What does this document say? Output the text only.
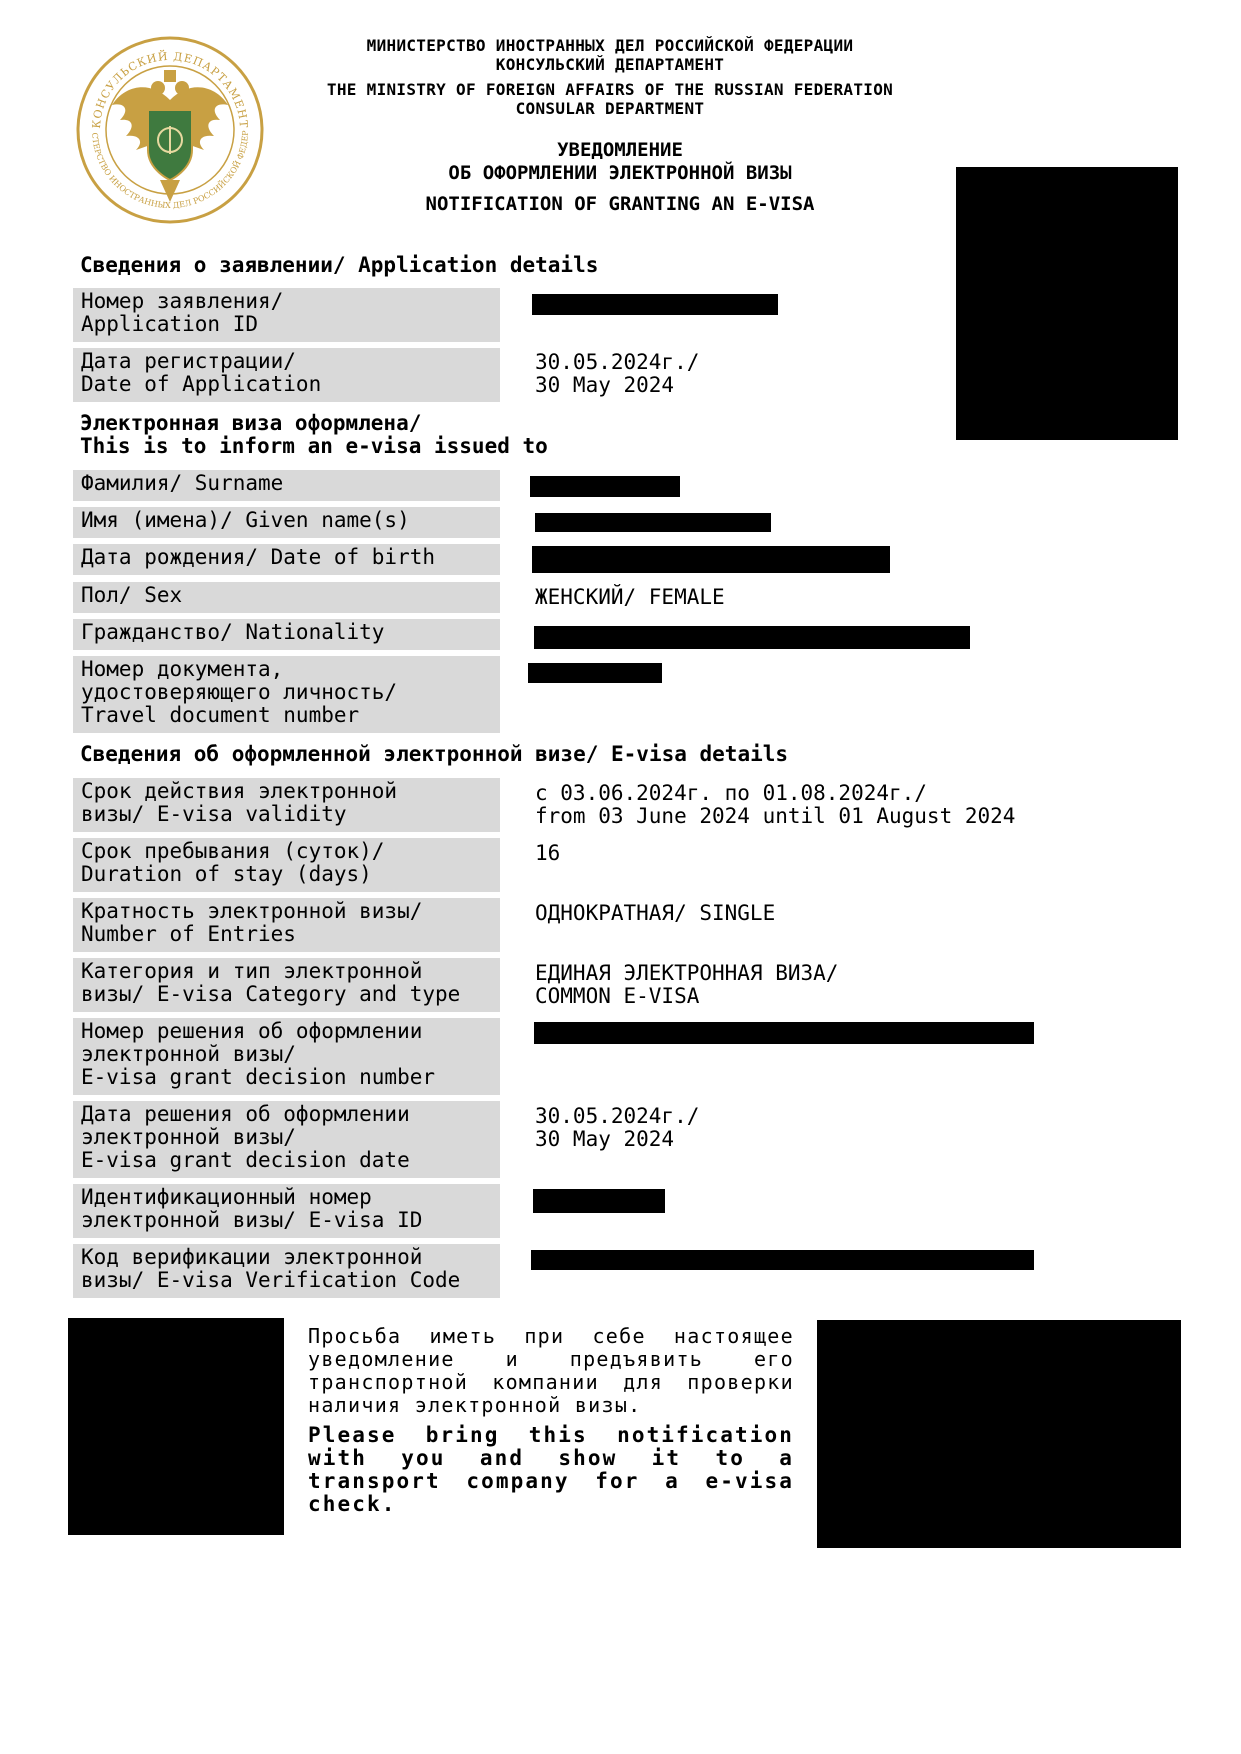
КОНСУЛЬСКИЙ ДЕПАРТАМЕНТ
СТЕРСТВО ИНОСТРАННЫХ ДЕЛ РОССИЙСКОЙ ФЕДЕР
МИНИСТЕРСТВО ИНОСТРАННЫХ ДЕЛ РОССИЙСКОЙ ФЕДЕРАЦИИ
КОНСУЛЬСКИЙ ДЕПАРТАМЕНТ
THE MINISTRY OF FOREIGN AFFAIRS OF THE RUSSIAN FEDERATION
CONSULAR DEPARTMENT
УВЕДОМЛЕНИЕ
ОБ ОФОРМЛЕНИИ ЭЛЕКТРОННОЙ ВИЗЫ
NOTIFICATION OF GRANTING AN E-VISA
Сведения о заявлении/ Application details
Номер заявления/
Application ID
Дата регистрации/
Date of Application
30.05.2024г./
30 May 2024
Электронная виза оформлена/
This is to inform an e-visa issued to
Фамилия/ Surname
Имя (имена)/ Given name(s)
Дата рождения/ Date of birth
Пол/ Sex	ЖЕНСКИЙ/ FEMALE
Гражданство/ Nationality
Номер документа,
удостоверяющего личность/
Travel document number
Сведения об оформленной электронной визе/ E-visa details
Срок действия электронной
визы/ E-visa validity
с 03.06.2024г. по 01.08.2024г./
from 03 June 2024 until 01 August 2024
Срок пребывания (суток)/
Duration of stay (days)
16
Кратность электронной визы/
Number of Entries
ОДНОКРАТНАЯ/ SINGLE
Категория и тип электронной
визы/ E-visa Category and type
ЕДИНАЯ ЭЛЕКТРОННАЯ ВИЗА/
COMMON E-VISA
Номер решения об оформлении
электронной визы/
E-visa grant decision number
Дата решения об оформлении
электронной визы/
E-visa grant decision date
30.05.2024г./
30 May 2024
Идентификационный номер
электронной визы/ E-visa ID
Код верификации электронной
визы/ E-visa Verification Code
Просьба иметь при себе настоящее уведомление и предъявить его транспортной компании для проверки наличия электронной визы.
Please bring this notification with you and show it to a transport company for a e-visa check.
